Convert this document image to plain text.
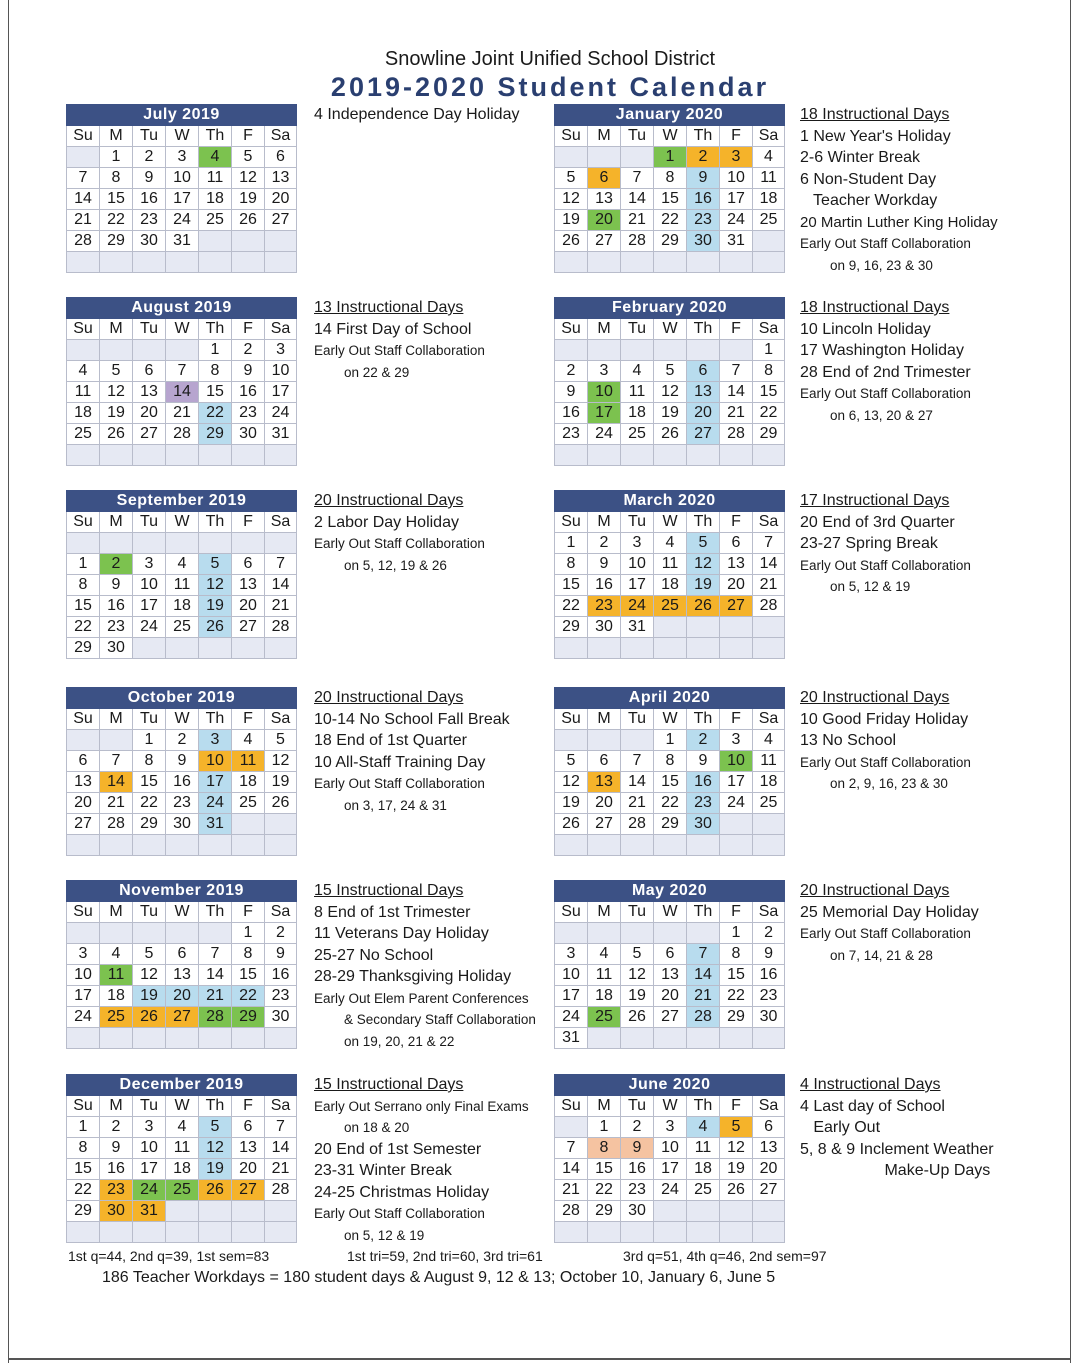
Snowline Joint Unified School District
2019-2020 Student Calendar
July 2019						
Su	M	Tu	W	Th	F	Sa
	1	2	3	4	5	6
7	8	9	10	11	12	13
14	15	16	17	18	19	20
21	22	23	24	25	26	27
28	29	30	31			

4 Independence Day Holiday	January 2020						
Su	M	Tu	W	Th	F	Sa
			1	2	3	4
5	6	7	8	9	10	11
12	13	14	15	16	17	18
19	20	21	22	23	24	25
26	27	28	29	30	31	

18 Instructional Days
1 New Year's Holiday
2-6 Winter Break
6 Non-Student Day
Teacher Workday
20 Martin Luther King Holiday
Early Out Staff Collaboration
on 9, 16, 23 & 30
August 2019						
Su	M	Tu	W	Th	F	Sa
				1	2	3
4	5	6	7	8	9	10
11	12	13	14	15	16	17
18	19	20	21	22	23	24
25	26	27	28	29	30	31

13 Instructional Days
14 First Day of School
Early Out Staff Collaboration
on 22 & 29
February 2020						
Su	M	Tu	W	Th	F	Sa
						1
2	3	4	5	6	7	8
9	10	11	12	13	14	15
16	17	18	19	20	21	22
23	24	25	26	27	28	29

18 Instructional Days
10 Lincoln Holiday
17 Washington Holiday
28 End of 2nd Trimester
Early Out Staff Collaboration
on 6, 13, 20 & 27
September 2019						
Su	M	Tu	W	Th	F	Sa

1	2	3	4	5	6	7
8	9	10	11	12	13	14
15	16	17	18	19	20	21
22	23	24	25	26	27	28
29	30					
20 Instructional Days
2 Labor Day Holiday
Early Out Staff Collaboration
on 5, 12, 19 & 26
March 2020						
Su	M	Tu	W	Th	F	Sa
1	2	3	4	5	6	7
8	9	10	11	12	13	14
15	16	17	18	19	20	21
22	23	24	25	26	27	28
29	30	31				

17 Instructional Days
20 End of 3rd Quarter
23-27 Spring Break
Early Out Staff Collaboration
on 5, 12 & 19
October 2019						
Su	M	Tu	W	Th	F	Sa
		1	2	3	4	5
6	7	8	9	10	11	12
13	14	15	16	17	18	19
20	21	22	23	24	25	26
27	28	29	30	31		

20 Instructional Days
10-14 No School Fall Break
18 End of 1st Quarter
10 All-Staff Training Day
Early Out Staff Collaboration
on 3, 17, 24 & 31
April 2020						
Su	M	Tu	W	Th	F	Sa
			1	2	3	4
5	6	7	8	9	10	11
12	13	14	15	16	17	18
19	20	21	22	23	24	25
26	27	28	29	30		

20 Instructional Days
10 Good Friday Holiday
13 No School
Early Out Staff Collaboration
on 2, 9, 16, 23 & 30
November 2019						
Su	M	Tu	W	Th	F	Sa
					1	2
3	4	5	6	7	8	9
10	11	12	13	14	15	16
17	18	19	20	21	22	23
24	25	26	27	28	29	30

15 Instructional Days
8 End of 1st Trimester
11 Veterans Day Holiday
25-27 No School
28-29 Thanksgiving Holiday
Early Out Elem Parent Conferences
& Secondary Staff Collaboration
on 19, 20, 21 & 22
May 2020						
Su	M	Tu	W	Th	F	Sa
					1	2
3	4	5	6	7	8	9
10	11	12	13	14	15	16
17	18	19	20	21	22	23
24	25	26	27	28	29	30
31						
20 Instructional Days
25 Memorial Day Holiday
Early Out Staff Collaboration
on 7, 14, 21 & 28
December 2019						
Su	M	Tu	W	Th	F	Sa
1	2	3	4	5	6	7
8	9	10	11	12	13	14
15	16	17	18	19	20	21
22	23	24	25	26	27	28
29	30	31				

15 Instructional Days
Early Out Serrano only Final Exams
on 18 & 20
20 End of 1st Semester
23-31 Winter Break
24-25 Christmas Holiday
Early Out Staff Collaboration
on 5, 12 & 19
June 2020						
Su	M	Tu	W	Th	F	Sa
	1	2	3	4	5	6
7	8	9	10	11	12	13
14	15	16	17	18	19	20
21	22	23	24	25	26	27
28	29	30				

4 Instructional Days
4 Last day of School
Early Out
5, 8 & 9 Inclement Weather
Make-Up Days
1st q=44, 2nd q=39, 1st sem=83	1st tri=59, 2nd tri=60, 3rd tri=61	3rd q=51, 4th q=46, 2nd sem=97
186 Teacher Workdays = 180 student days & August 9, 12 & 13; October 10, January 6, June 5
